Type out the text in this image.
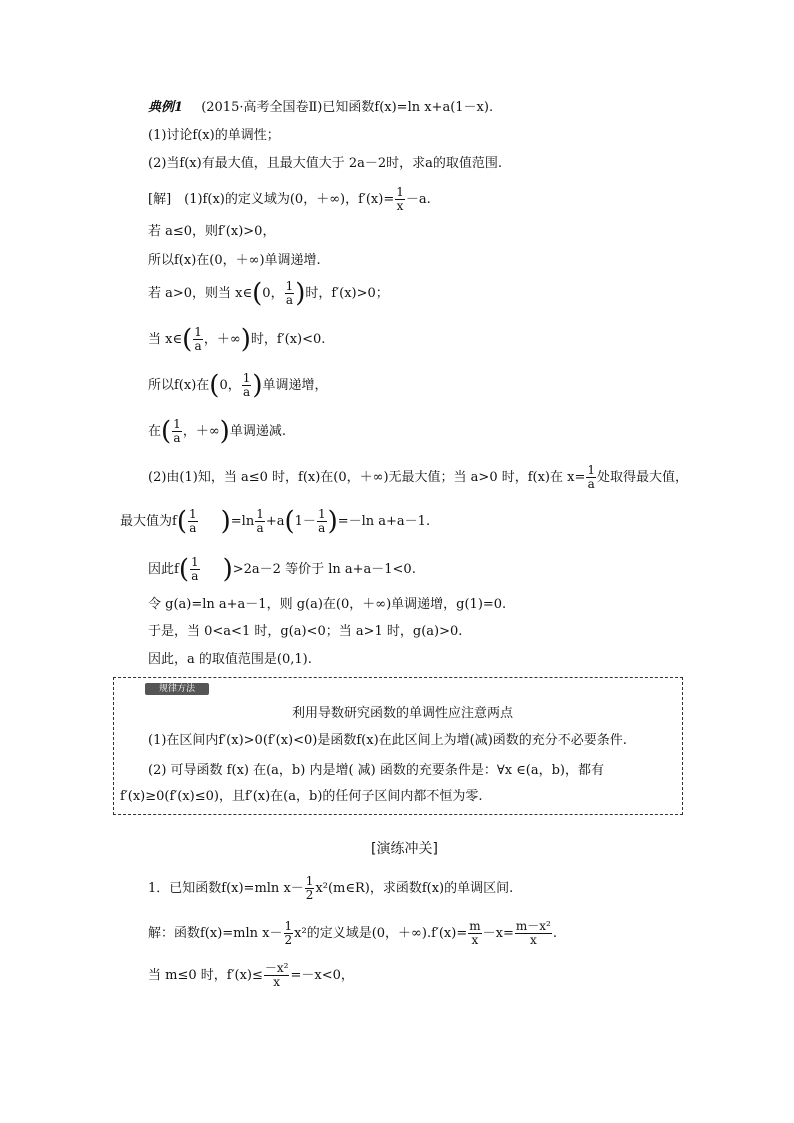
典例1 (2015·高考全国卷Ⅱ)已知函数f(x)=ln x+a(1－x).
(1)讨论f(x)的单调性；
(2)当f(x)有最大值，且最大值大于 2a－2时，求a的取值范围.
[解]　(1)f(x)的定义域为(0，＋∞)，$f'(x)= \frac{1}{x} -a$.
若 a≤0，则f′(x)>0，
所以f(x)在(0，＋∞)单调递增.
若 a>0，则当 x∈(0， $\frac{1}{a}$ )时，f′(x)>0；
当 x∈( $\frac{1}{a}$ ，＋∞)时，f′(x)<0.
所以f(x)在(0， $\frac{1}{a}$ )单调递增，
在( $\frac{1}{a}$ ，＋∞)单调递减.
(2)由(1)知，当 a≤0 时，f(x)在(0，＋∞)无最大值；当 a>0 时，f(x)在 $x= \frac{1}{a}$ 处取得最大值，
最大值为$f( \frac{1}{a} )=\ln \frac{1}{a} +a(1- \frac{1}{a} )=-\ln$ a+a－1.
因此$f( \frac{1}{a} )>2a-2$ 等价于 ln a+a－1<0.
令 g(a)=ln a+a－1，则 g(a)在(0，＋∞)单调递增，g(1)=0.
于是，当 0<a<1 时，g(a)<0；当 a>1 时，g(a)>0.
因此，a 的取值范围是(0,1).
规律方法
利用导数研究函数的单调性应注意两点
(1)在区间内f′(x)>0(f′(x)<0)是函数f(x)在此区间上为增(减)函数的充分不必要条件.
(2) 可导函数 f(x) 在(a，b) 内是增( 减) 函数的充要条件是：∀x ∈(a，b)，都有
f′(x)≥0(f′(x)≤0)，且f′(x)在(a，b)的任何子区间内都不恒为零.
[演练冲关]
1．已知函数f(x)=mln $x- \frac{1}{2}$ x²(m∈R)，求函数f(x)的单调区间.
解：函数f(x)=mln $x- \frac{1}{2} x^2$的定义域是(0，$+\infty).f'(x)= \frac{m}{x} -x= \frac{\text{m－x²}}{x}$ .
当 m≤0 时，$f'(x)\le \frac{\text{－x²}}{x} =-x<0$，
